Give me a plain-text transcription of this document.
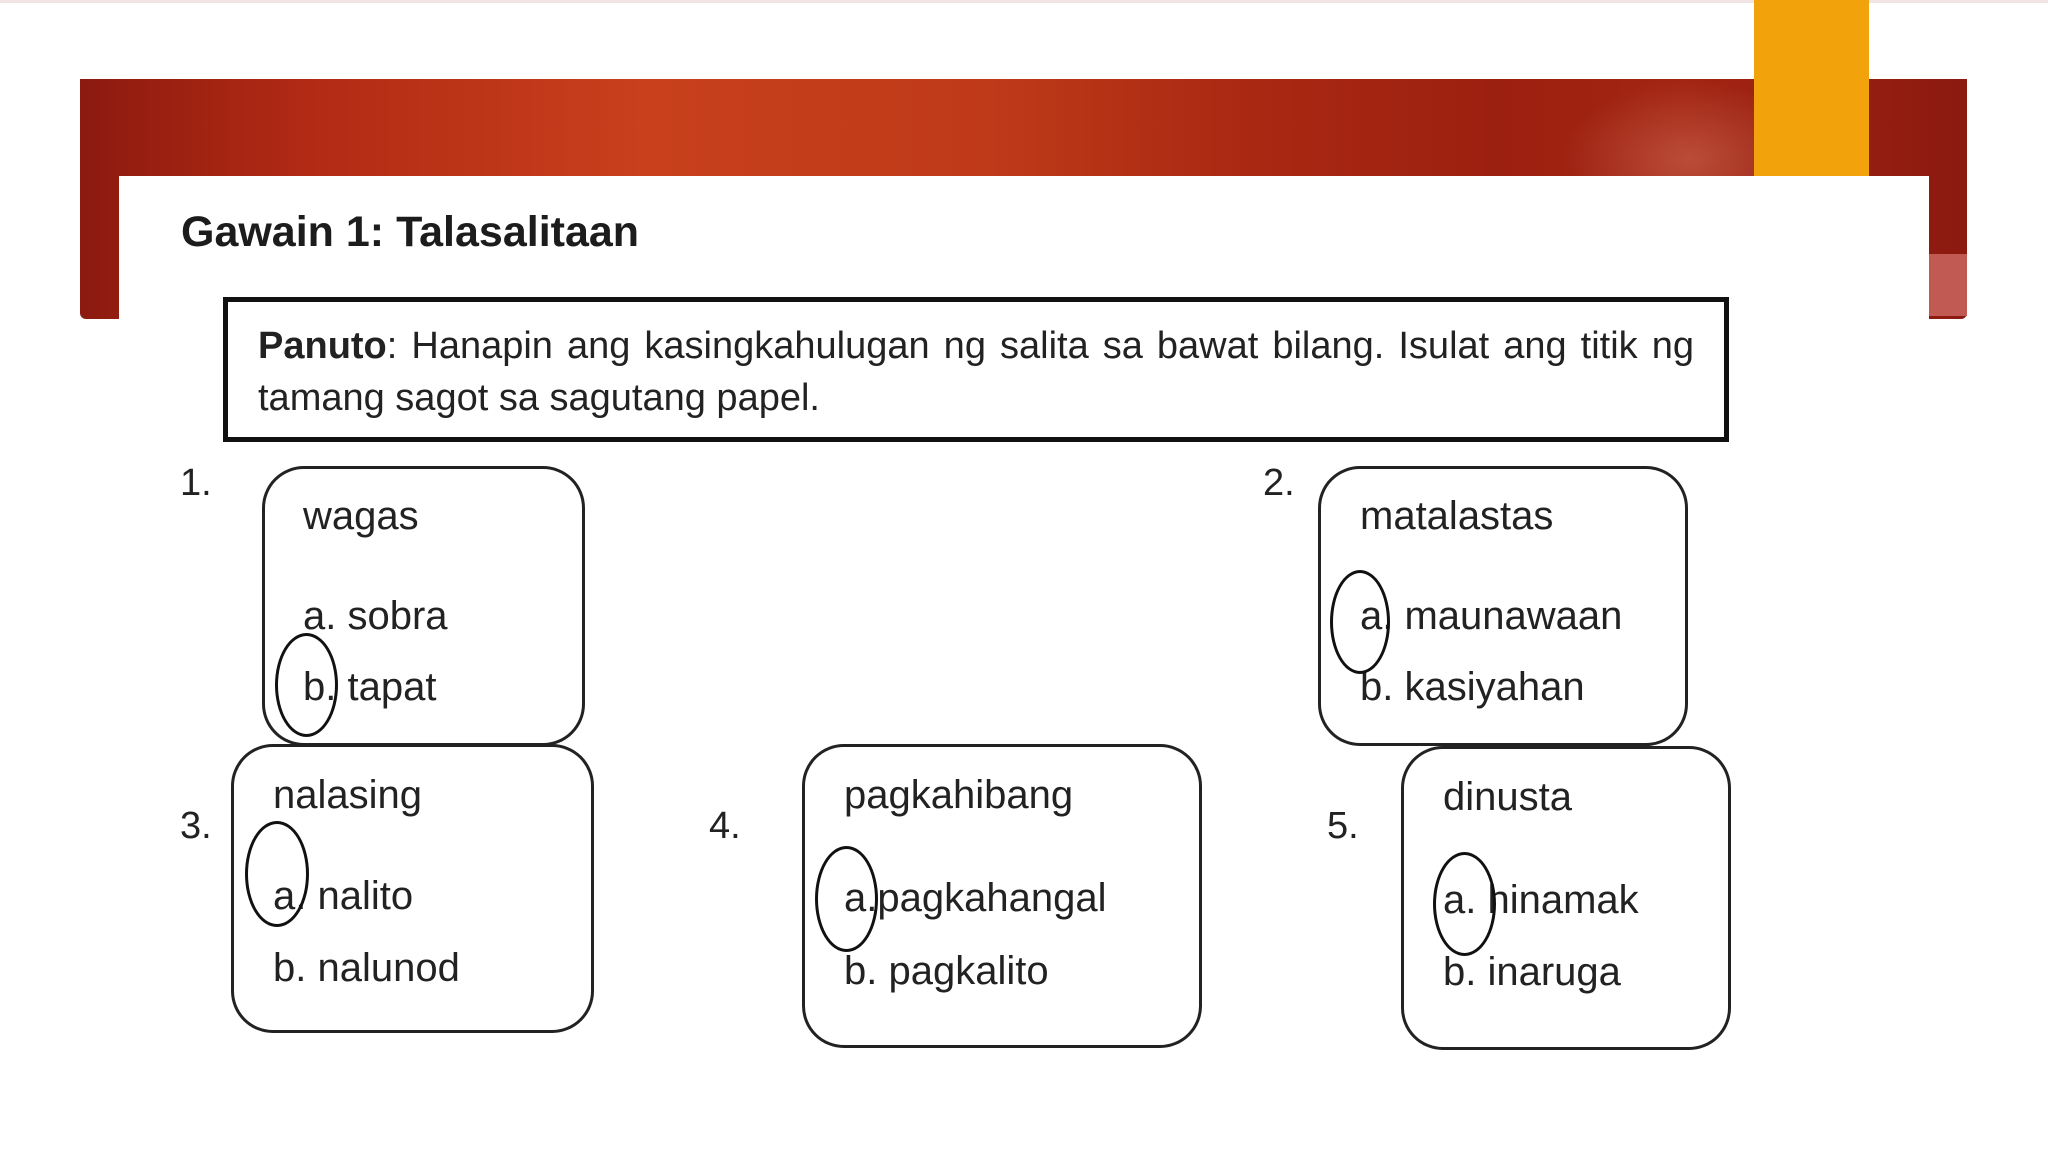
Gawain 1: Talasalitaan
Panuto: Hanapin ang kasingkahulugan ng salita sa bawat bilang. Isulat ang titik ng tamang sagot sa sagutang papel.
1.
wagas
a. sobra
b. tapat
2.
matalastas
a. maunawaan
b. kasiyahan
3.
nalasing
a. nalito
b. nalunod
4.
pagkahibang
a.pagkahangal
b. pagkalito
5.
dinusta
a. hinamak
b. inaruga
